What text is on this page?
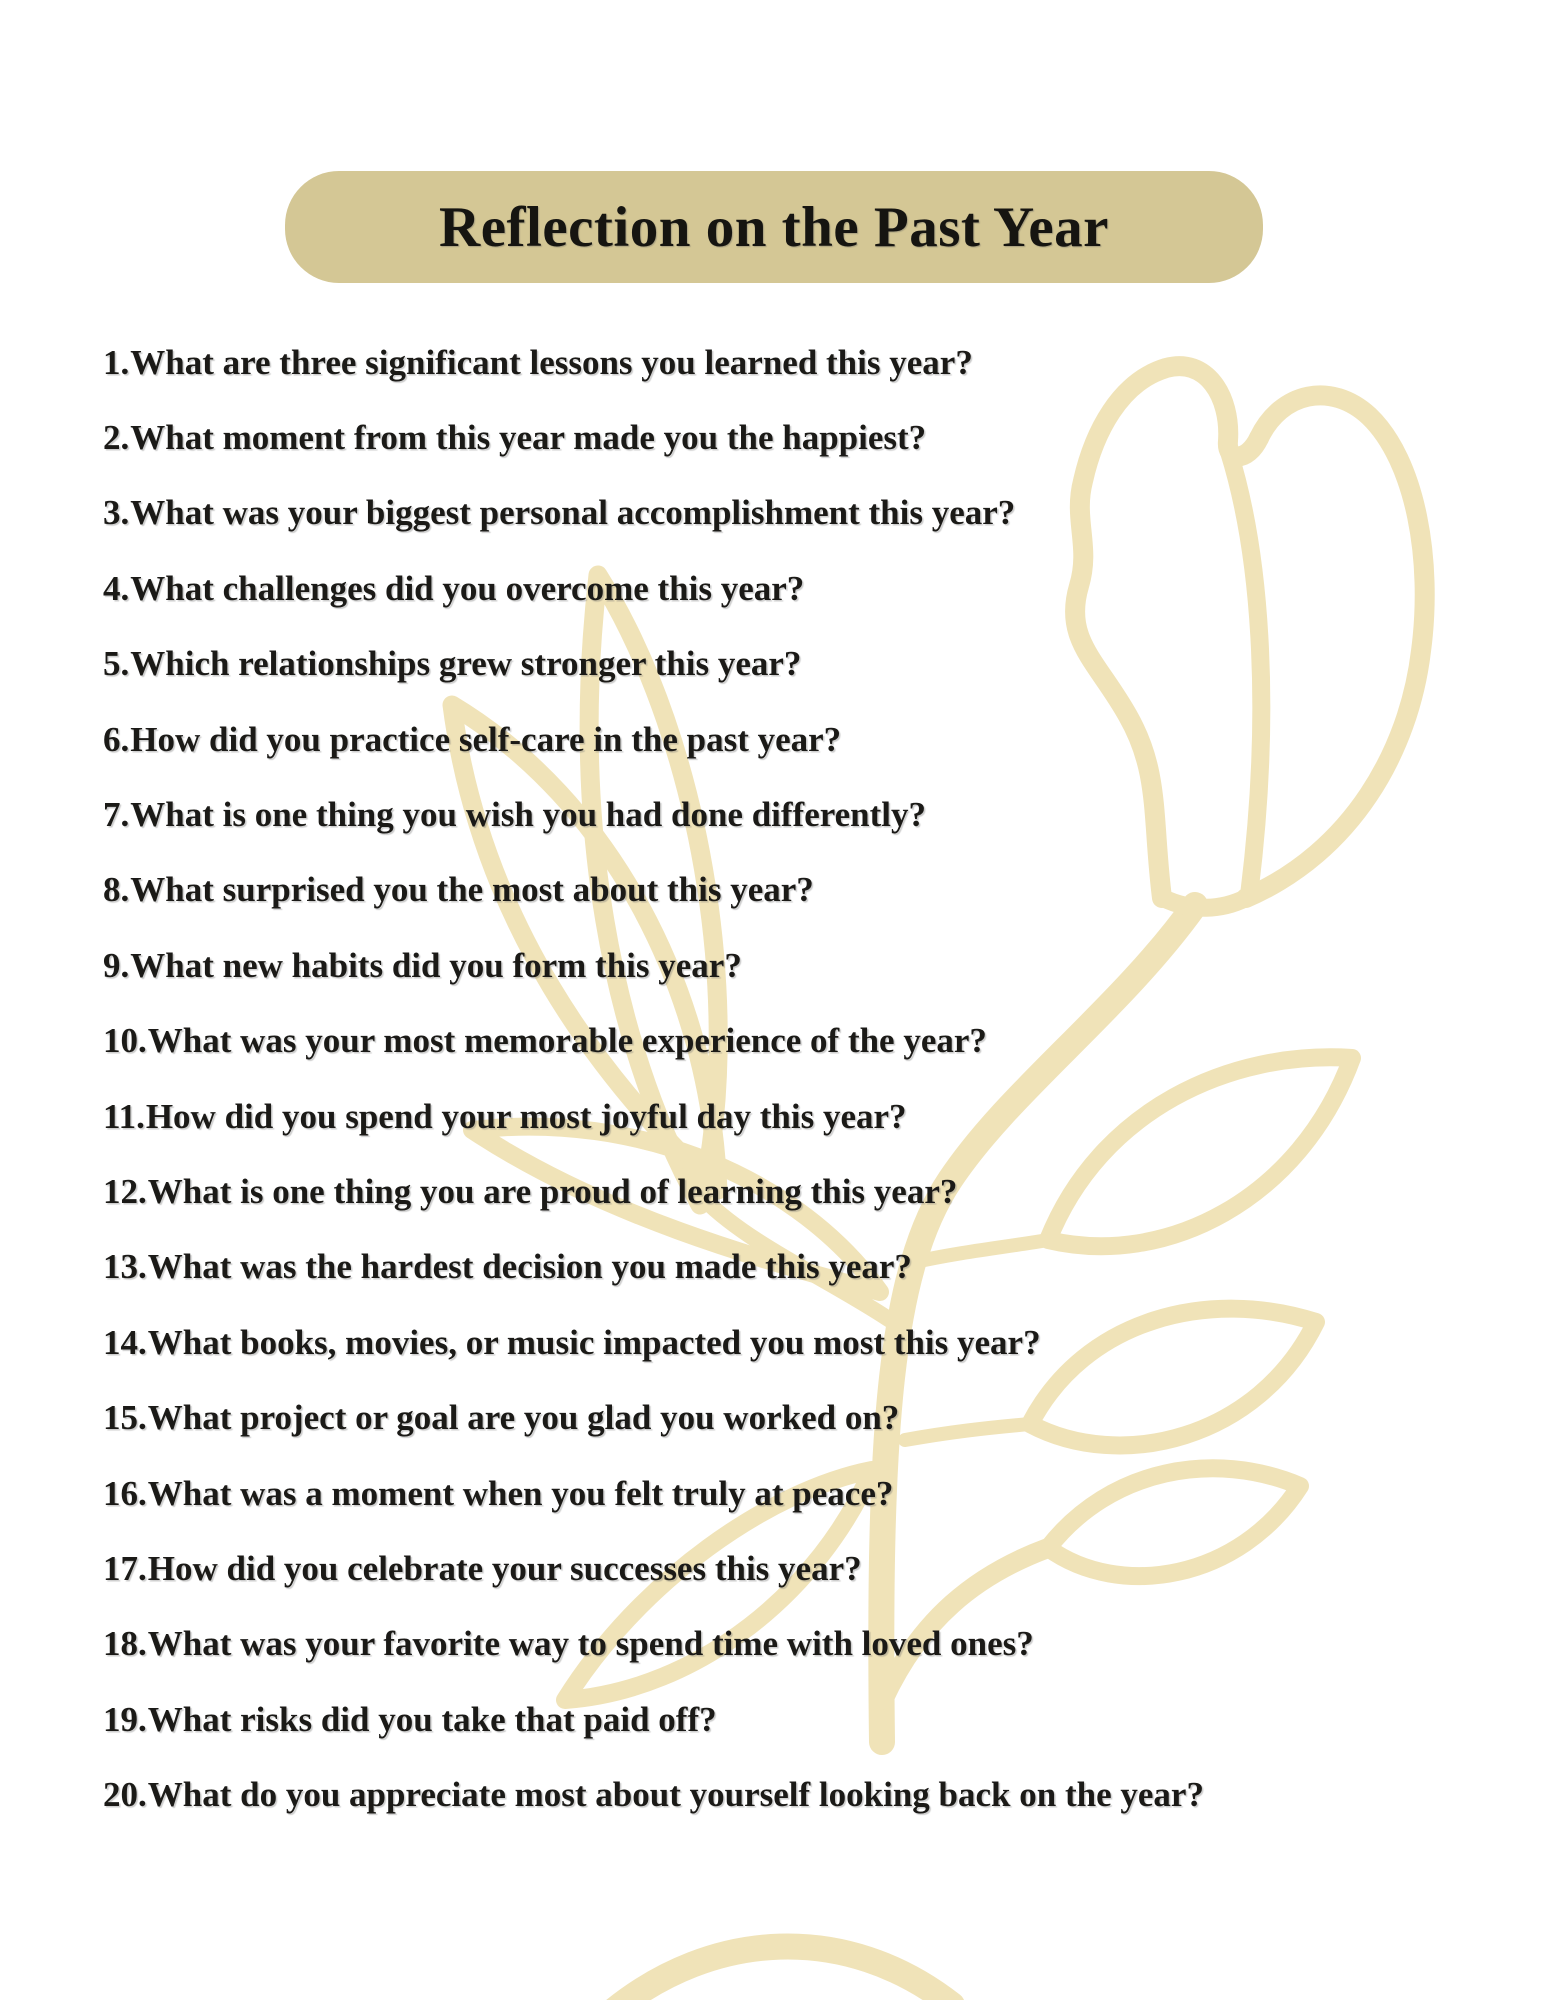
Reflection on the Past Year
1. What are three significant lessons you learned this year?
2. What moment from this year made you the happiest?
3. What was your biggest personal accomplishment this year?
4. What challenges did you overcome this year?
5. Which relationships grew stronger this year?
6. How did you practice self-care in the past year?
7. What is one thing you wish you had done differently?
8. What surprised you the most about this year?
9. What new habits did you form this year?
10. What was your most memorable experience of the year?
11. How did you spend your most joyful day this year?
12. What is one thing you are proud of learning this year?
13. What was the hardest decision you made this year?
14. What books, movies, or music impacted you most this year?
15. What project or goal are you glad you worked on?
16. What was a moment when you felt truly at peace?
17. How did you celebrate your successes this year?
18. What was your favorite way to spend time with loved ones?
19. What risks did you take that paid off?
20. What do you appreciate most about yourself looking back on the year?
